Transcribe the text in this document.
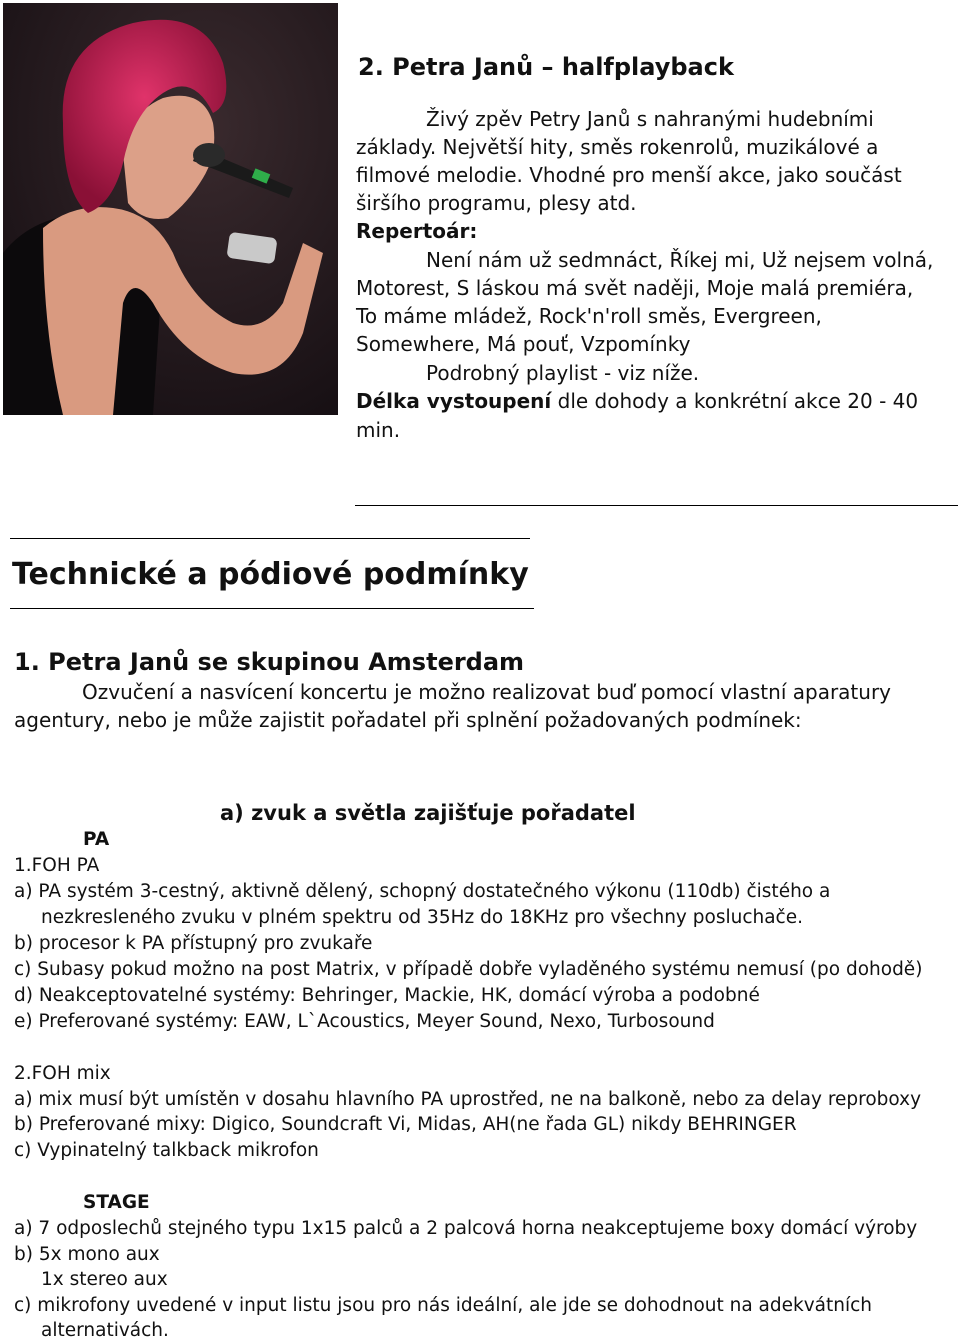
2. Petra Janů – halfplayback
Živý zpěv Petry Janů s nahranými hudebními
základy. Největší hity, směs rokenrolů, muzikálové a
filmové melodie. Vhodné pro menší akce, jako součást
širšího programu, plesy atd.
Repertoár:
Není nám už sedmnáct, Říkej mi, Už nejsem volná,
Motorest, S láskou má svět naději, Moje malá premiéra,
To máme mládež, Rock'n'roll směs, Evergreen,
Somewhere, Má pouť, Vzpomínky
Podrobný playlist - viz níže.
Délka vystoupení dle dohody a konkrétní akce 20 - 40
min.
Technické a pódiové podmínky
1. Petra Janů se skupinou Amsterdam
Ozvučení a nasvícení koncertu je možno realizovat buď pomocí vlastní aparatury
agentury, nebo je může zajistit pořadatel při splnění požadovaných podmínek:
a) zvuk a světla zajišťuje pořadatel
PA
1.FOH PA
a) PA systém 3-cestný, aktivně dělený, schopný dostatečného výkonu (110db) čistého a
nezkresleného zvuku v plném spektru od 35Hz do 18KHz pro všechny posluchače.
b) procesor k PA přístupný pro zvukaře
c) Subasy pokud možno na post Matrix, v případě dobře vyladěného systému nemusí (po dohodě)
d) Neakceptovatelné systémy: Behringer, Mackie, HK, domácí výroba a podobné
e) Preferované systémy: EAW, L`Acoustics, Meyer Sound, Nexo, Turbosound
2.FOH mix
a) mix musí být umístěn v dosahu hlavního PA uprostřed, ne na balkoně, nebo za delay reproboxy
b) Preferované mixy: Digico, Soundcraft Vi, Midas, AH(ne řada GL) nikdy BEHRINGER
c) Vypinatelný talkback mikrofon
STAGE
a) 7 odposlechů stejného typu 1x15 palců a 2 palcová horna neakceptujeme boxy domácí výroby
b) 5x mono aux
1x stereo aux
c) mikrofony uvedené v input listu jsou pro nás ideální, ale jde se dohodnout na adekvátních
alternativách.
